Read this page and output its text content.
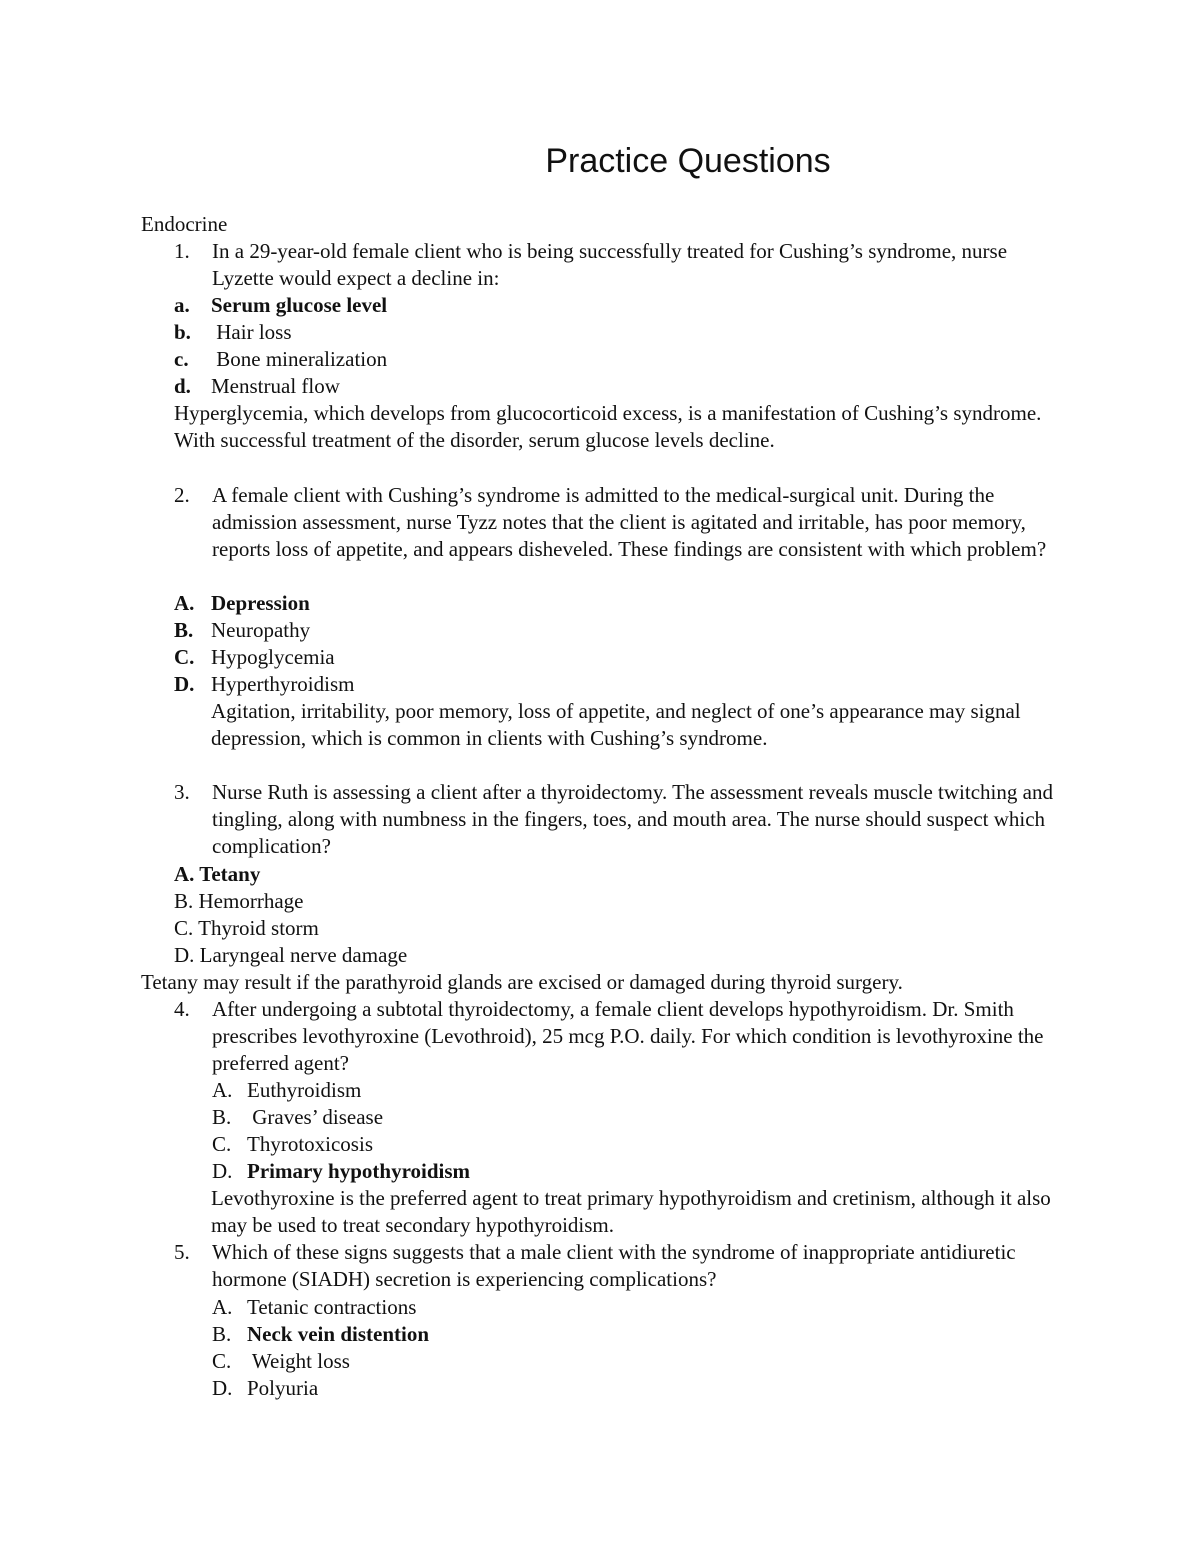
Practice Questions
Endocrine
1.	In a 29-year-old female client who is being successfully treated for Cushing’s syndrome, nurse Lyzette would expect a decline in:
a. Serum glucose level
b. Hair loss
c. Bone mineralization
d. Menstrual flow
Hyperglycemia, which develops from glucocorticoid excess, is a manifestation of Cushing’s syndrome. With successful treatment of the disorder, serum glucose levels decline.
2.	A female client with Cushing’s syndrome is admitted to the medical-surgical unit. During the admission assessment, nurse Tyzz notes that the client is agitated and irritable, has poor memory, reports loss of appetite, and appears disheveled. These findings are consistent with which problem?
A. Depression
B. Neuropathy
C. Hypoglycemia
D. Hyperthyroidism
Agitation, irritability, poor memory, loss of appetite, and neglect of one’s appearance may signal depression, which is common in clients with Cushing’s syndrome.
3.	Nurse Ruth is assessing a client after a thyroidectomy. The assessment reveals muscle twitching and tingling, along with numbness in the fingers, toes, and mouth area. The nurse should suspect which complication?
A. Tetany
B. Hemorrhage
C. Thyroid storm
D. Laryngeal nerve damage
Tetany may result if the parathyroid glands are excised or damaged during thyroid surgery.
4.	After undergoing a subtotal thyroidectomy, a female client develops hypothyroidism. Dr. Smith prescribes levothyroxine (Levothroid), 25 mcg P.O. daily. For which condition is levothyroxine the preferred agent?
A. Euthyroidism
B. Graves’ disease
C. Thyrotoxicosis
D. Primary hypothyroidism
Levothyroxine is the preferred agent to treat primary hypothyroidism and cretinism, although it also may be used to treat secondary hypothyroidism.
5.	Which of these signs suggests that a male client with the syndrome of inappropriate antidiuretic hormone (SIADH) secretion is experiencing complications?
A. Tetanic contractions
B. Neck vein distention
C. Weight loss
D. Polyuria
